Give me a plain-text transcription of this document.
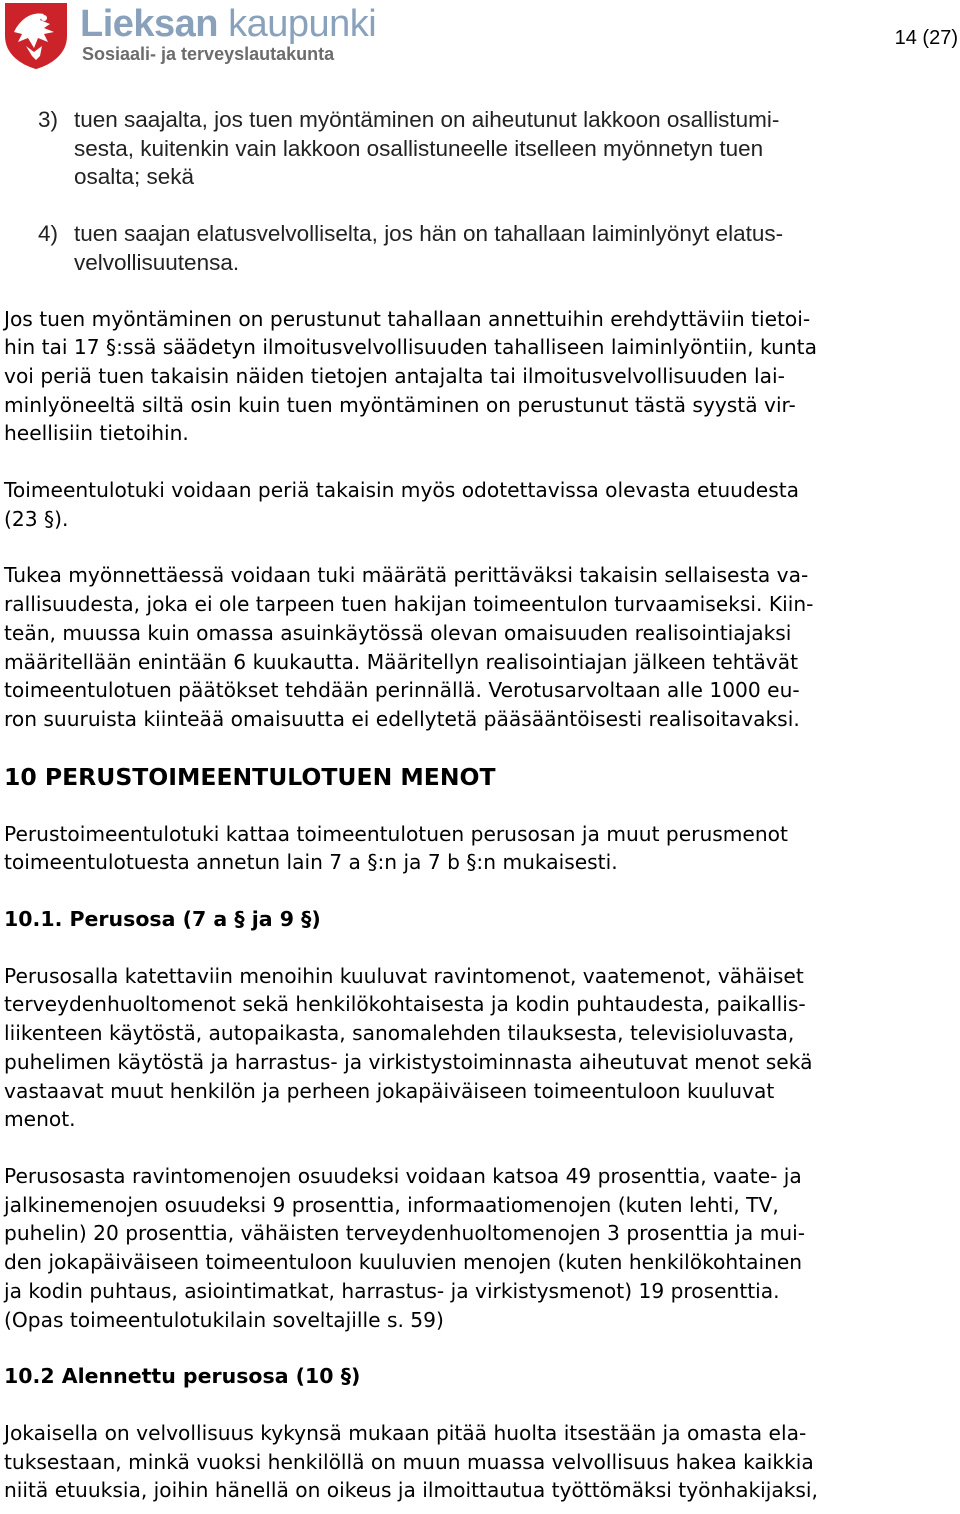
Lieksan kaupunki
Sosiaali- ja terveyslautakunta
14 (27)
3) tuen saajalta, jos tuen myöntäminen on aiheutunut lakkoon osallistumi-
sesta, kuitenkin vain lakkoon osallistuneelle itselleen myönnetyn tuen
osalta; sekä
4) tuen saajan elatusvelvolliselta, jos hän on tahallaan laiminlyönyt elatus-
velvollisuutensa.
Jos tuen myöntäminen on perustunut tahallaan annettuihin erehdyttäviin tietoi-
hin tai 17 §:ssä säädetyn ilmoitusvelvollisuuden tahalliseen laiminlyöntiin, kunta
voi periä tuen takaisin näiden tietojen antajalta tai ilmoitusvelvollisuuden lai-
minlyöneeltä siltä osin kuin tuen myöntäminen on perustunut tästä syystä vir-
heellisiin tietoihin.
Toimeentulotuki voidaan periä takaisin myös odotettavissa olevasta etuudesta
(23 §).
Tukea myönnettäessä voidaan tuki määrätä perittäväksi takaisin sellaisesta va-
rallisuudesta, joka ei ole tarpeen tuen hakijan toimeentulon turvaamiseksi. Kiin-
teän, muussa kuin omassa asuinkäytössä olevan omaisuuden realisointiajaksi
määritellään enintään 6 kuukautta. Määritellyn realisointiajan jälkeen tehtävät
toimeentulotuen päätökset tehdään perinnällä. Verotusarvoltaan alle 1000 eu-
ron suuruista kiinteää omaisuutta ei edellytetä pääsääntöisesti realisoitavaksi.
10 PERUSTOIMEENTULOTUEN MENOT
Perustoimeentulotuki kattaa toimeentulotuen perusosan ja muut perusmenot
toimeentulotuesta annetun lain 7 a §:n ja 7 b §:n mukaisesti.
10.1. Perusosa (7 a § ja 9 §)
Perusosalla katettaviin menoihin kuuluvat ravintomenot, vaatemenot, vähäiset
terveydenhuoltomenot sekä henkilökohtaisesta ja kodin puhtaudesta, paikallis-
liikenteen käytöstä, autopaikasta, sanomalehden tilauksesta, televisioluvasta,
puhelimen käytöstä ja harrastus- ja virkistystoiminnasta aiheutuvat menot sekä
vastaavat muut henkilön ja perheen jokapäiväiseen toimeentuloon kuuluvat
menot.
Perusosasta ravintomenojen osuudeksi voidaan katsoa 49 prosenttia, vaate- ja
jalkinemenojen osuudeksi 9 prosenttia, informaatiomenojen (kuten lehti, TV,
puhelin) 20 prosenttia, vähäisten terveydenhuoltomenojen 3 prosenttia ja mui-
den jokapäiväiseen toimeentuloon kuuluvien menojen (kuten henkilökohtainen
ja kodin puhtaus, asiointimatkat, harrastus- ja virkistysmenot) 19 prosenttia.
(Opas toimeentulotukilain soveltajille s. 59)
10.2 Alennettu perusosa (10 §)
Jokaisella on velvollisuus kykynsä mukaan pitää huolta itsestään ja omasta ela-
tuksestaan, minkä vuoksi henkilöllä on muun muassa velvollisuus hakea kaikkia
niitä etuuksia, joihin hänellä on oikeus ja ilmoittautua työttömäksi työnhakijaksi,
